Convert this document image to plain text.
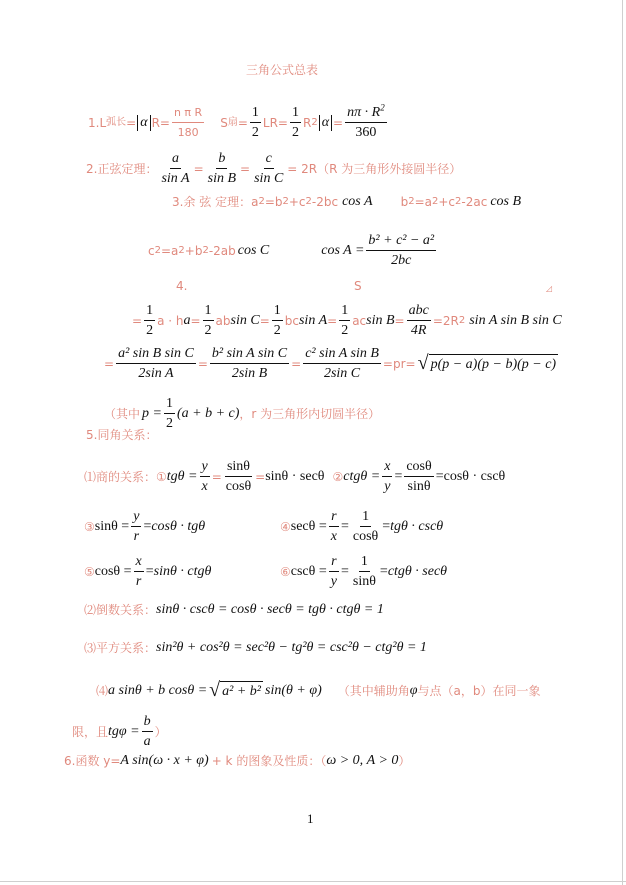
三角公式总表
1.L 弧长 = α $R= \frac{\text{n π R}}{180}$ S 扇 = $\frac{1}{2} LR= \frac{1}{2}$ R 2 $\alpha = \frac{n\pi \cdot R^2}{360}$
2.正弦定理： $\frac{a}{\text{sin A}} = \frac{b}{\text{sin B}} = \frac{c}{\text{sin C}} = 2R(R$ 为三角形外接圆半径）
3.余 弦 定理： a 2 =b 2 +c 2 -2bc cos A b 2 =a 2 +c 2 -2ac cos B
c 2 =a 2 +b 2 -2ab cos C	$\cos A = \frac{\text{b² + c² − a²}}{2bc}$
4.	S	◿
= $\frac{1}{2}$ a · h $a = \frac{1}{2}$ ab $\sin C = \frac{1}{2}$ bc $\sin A = \frac{1}{2}$ ac sin B =
abc
4R
= 2R 2 sin A sin B sin C
= $\frac{\text{a² sin B sin C}}{\text{2sin A}} = \frac{\text{b² sin A sin C}}{\text{2sin B}} = \frac{\text{c² sin A sin B}}{\text{2sin C}} =pr=$ √ p(p − a)(p − b)(p − c)
（其中 $p = \frac{1}{2} (a + b + c)$ ，r 为三角形内切圆半径）
5.同角关系：
⑴商的关系： ① $tg\theta = \frac{y}{x} = \frac{\sin\theta}{\cos\theta} = \sin\theta \cdot \sec\theta$ ② $ctg\theta = \frac{x}{y} = \frac{\cos\theta}{\sin\theta} = \cos\theta \cdot \csc\theta$
③ $\sin\theta = \frac{y}{r} = \cos\theta \cdot tg\theta$	④ $\sec\theta = \frac{r}{x} = \frac{1}{\cos\theta} = tg\theta \cdot \csc\theta$
⑤ $\cos\theta = \frac{x}{r} = \sin\theta \cdot ctg\theta$	⑥ $\csc\theta = \frac{r}{y} = \frac{1}{\sin\theta} = ctg\theta \cdot \sec\theta$
⑵倒数关系： sinθ · cscθ = cosθ · secθ = tgθ · ctgθ = 1
⑶平方关系： sin²θ + cos²θ = sec²θ − tg²θ = csc²θ − ctg²θ = 1
⑷ a sinθ + b cosθ = √ a² + b² sin(θ + φ) （其中辅助角 φ 与点（a，b）在同一象
限，且 $tg\varphi = \frac{b}{a}$ ）
6.函数 y= A sin(ω · x + φ) + k 的图象及性质：（ ω > 0, A > 0 ）
1
